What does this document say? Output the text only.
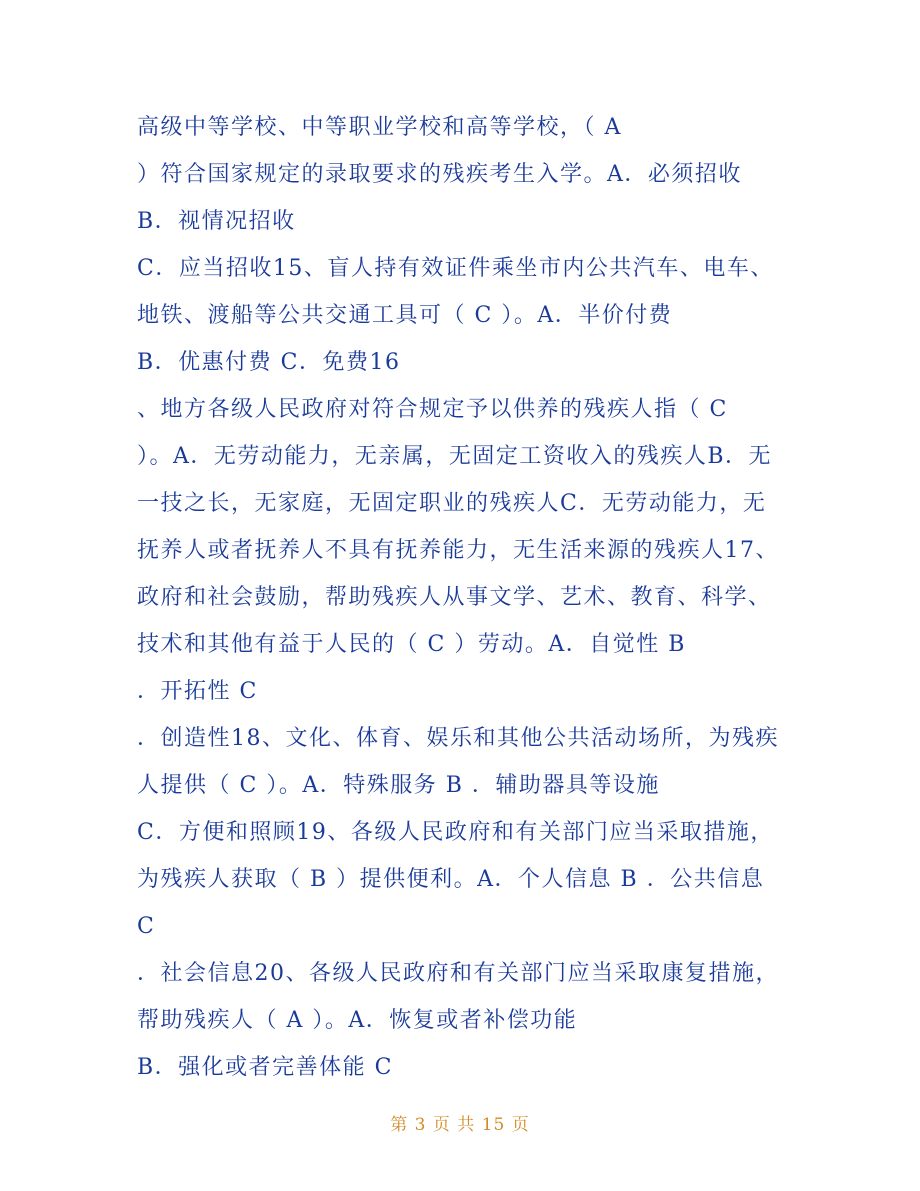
高级中等学校、中等职业学校和高等学校，（ A
）符合国家规定的录取要求的残疾考生入学。A．必须招收
B．视情况招收
C．应当招收15、盲人持有效证件乘坐市内公共汽车、电车、
地铁、渡船等公共交通工具可（ C ）。A．半价付费
B．优惠付费 C．免费16
、地方各级人民政府对符合规定予以供养的残疾人指（ C
）。A．无劳动能力，无亲属，无固定工资收入的残疾人B．无
一技之长，无家庭，无固定职业的残疾人C．无劳动能力，无
抚养人或者抚养人不具有抚养能力，无生活来源的残疾人17、
政府和社会鼓励，帮助残疾人从事文学、艺术、教育、科学、
技术和其他有益于人民的（ C ）劳动。A．自觉性 B
．开拓性 C
．创造性18、文化、体育、娱乐和其他公共活动场所，为残疾
人提供（ C ）。A．特殊服务 B ．辅助器具等设施
C．方便和照顾19、各级人民政府和有关部门应当采取措施，
为残疾人获取（ B ）提供便利。A．个人信息 B ．公共信息
C
．社会信息20、各级人民政府和有关部门应当采取康复措施，
帮助残疾人（ A ）。A．恢复或者补偿功能
B．强化或者完善体能 C
第 3 页 共 15 页
